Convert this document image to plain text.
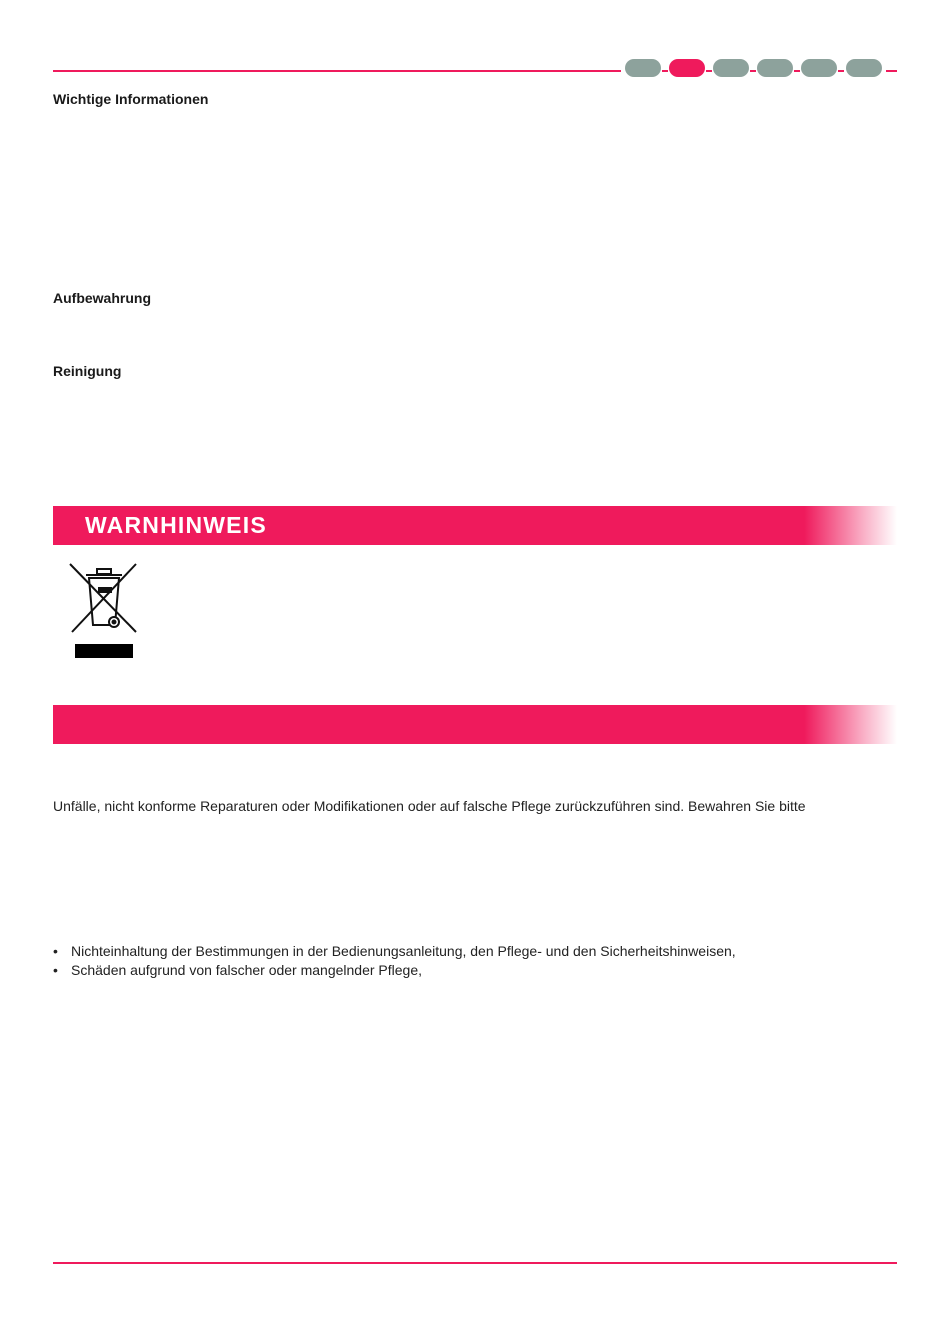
Wichtige Informationen
Aufbewahrung
Reinigung
WARNHINWEIS
Unfälle, nicht konforme Reparaturen oder Modifikationen oder auf falsche Pflege zurückzuführen sind. Bewahren Sie bitte
• Nichteinhaltung der Bestimmungen in der Bedienungsanleitung, den Pflege- und den Sicherheitshinweisen,
• Schäden aufgrund von falscher oder mangelnder Pflege,
